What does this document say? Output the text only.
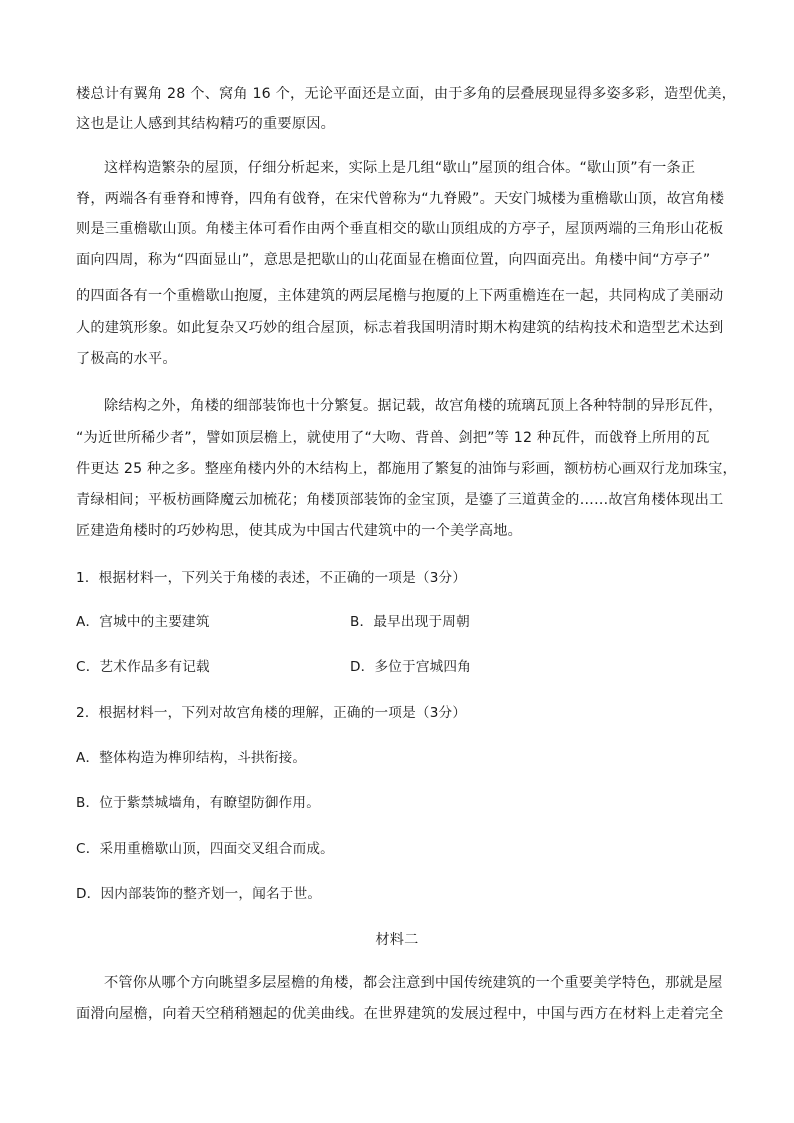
楼总计有翼角 28 个、窝角 16 个，无论平面还是立面，由于多角的层叠展现显得多姿多彩，造型优美，
这也是让人感到其结构精巧的重要原因。
这样构造繁杂的屋顶，仔细分析起来，实际上是几组“歇山”屋顶的组合体。“歇山顶”有一条正
脊，两端各有垂脊和博脊，四角有戗脊，在宋代曾称为“九脊殿”。天安门城楼为重檐歇山顶，故宫角楼
则是三重檐歇山顶。角楼主体可看作由两个垂直相交的歇山顶组成的方亭子，屋顶两端的三角形山花板
面向四周，称为“四面显山”，意思是把歇山的山花面显在檐面位置，向四面亮出。角楼中间“方亭子”
的四面各有一个重檐歇山抱厦，主体建筑的两层尾檐与抱厦的上下两重檐连在一起，共同构成了美丽动
人的建筑形象。如此复杂又巧妙的组合屋顶，标志着我国明清时期木构建筑的结构技术和造型艺术达到
了极高的水平。
除结构之外，角楼的细部装饰也十分繁复。据记载，故宫角楼的琉璃瓦顶上各种特制的异形瓦件，
“为近世所稀少者”，譬如顶层檐上，就使用了“大吻、背兽、剑把”等 12 种瓦件，而戗脊上所用的瓦
件更达 25 种之多。整座角楼内外的木结构上，都施用了繁复的油饰与彩画，额枋枋心画双行龙加珠宝，
青绿相间；平板枋画降魔云加梳花；角楼顶部装饰的金宝顶，是鎏了三道黄金的……故宫角楼体现出工
匠建造角楼时的巧妙构思，使其成为中国古代建筑中的一个美学高地。
1．根据材料一，下列关于角楼的表述，不正确的一项是（3分）
A．宫城中的主要建筑	B．最早出现于周朝
C．艺术作品多有记载	D．多位于宫城四角
2．根据材料一，下列对故宫角楼的理解，正确的一项是（3分）
A．整体构造为榫卯结构，斗拱衔接。
B．位于紫禁城墙角，有瞭望防御作用。
C．采用重檐歇山顶，四面交叉组合而成。
D．因内部装饰的整齐划一，闻名于世。
材料二
不管你从哪个方向眺望多层屋檐的角楼，都会注意到中国传统建筑的一个重要美学特色，那就是屋
面滑向屋檐，向着天空稍稍翘起的优美曲线。在世界建筑的发展过程中，中国与西方在材料上走着完全
